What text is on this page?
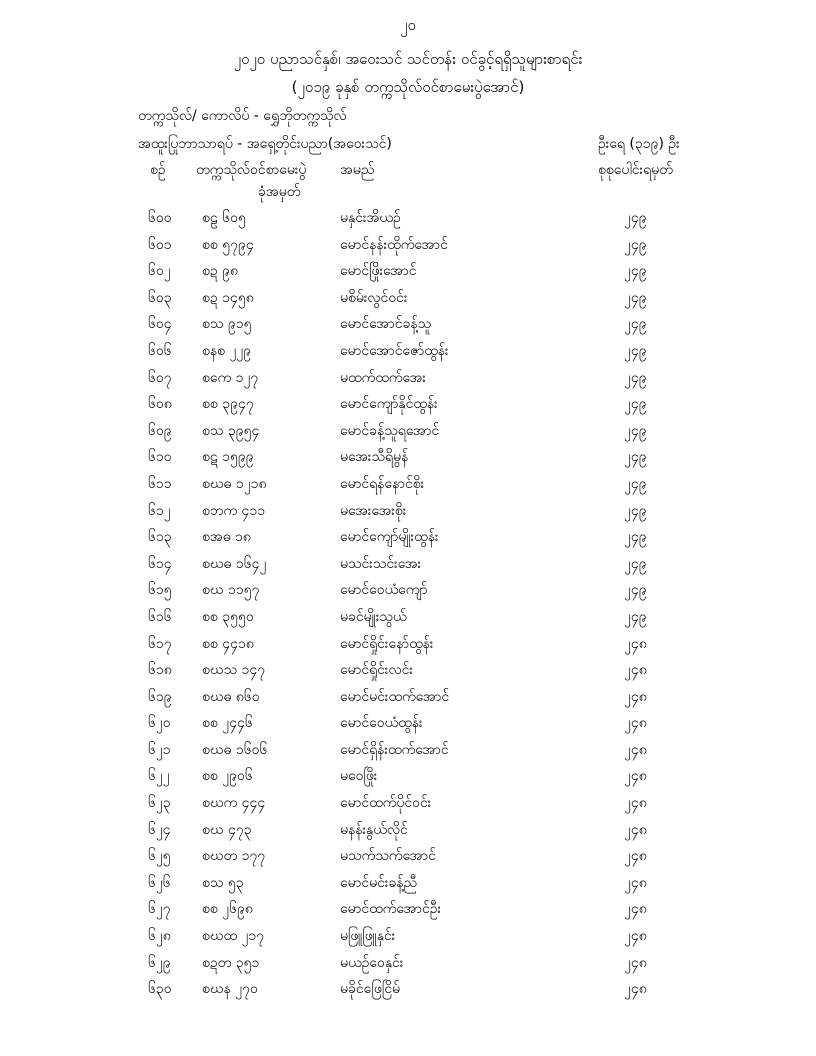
၂၀
၂၀၂၀ ပညာသင်နှစ်၊ အဝေးသင် သင်တန်း ဝင်ခွင့်ရရှိသူများစာရင်း
(၂၀၁၉ ခုနှစ် တက္ကသိုလ်ဝင်စာမေးပွဲအောင်)
တက္ကသိုလ်/ ကောလိပ် - ရွှေဘိုတက္ကသိုလ်
အထူးပြုဘာသာရပ် - အရှေ့တိုင်းပညာ(အဝေးသင်)	ဦးရေ (၃၁၉) ဦး
စဉ် တက္ကသိုလ်ဝင်စာမေးပွဲ
ခုံအမှတ်
အမည်	စုစုပေါင်းရမှတ်
၆၀၀ စဠ ၆၀၅	မနှင်းအိယဉ်	၂၄၉
၆၀၁ စစ ၅၇၉၄	မောင်နန်းထိုက်အောင်	၂၄၉
၆၀၂ စဍ ၉၈	မောင်ဖြိုးအောင်	၂၄၉
၆၀၃ စဍ ၁၄၅၈	မစိမ်းလွင်ဝင်း	၂၄၉
၆၀၄ စသ ၉၁၅	မောင်အောင်ခန့်သူ	၂၄၉
၆၀၆ စနစ ၂၂၉	မောင်အောင်ဇော်ထွန်း	၂၄၉
၆၀၇ စကေ ၁၂၇	မထက်ထက်အေး	၂၄၉
၆၀၈ စစ ၃၉၄၇	မောင်ကျော်နိုင်ထွန်း	၂၄၉
၆၀၉ စသ ၃၉၅၄	မောင်ခန့်သူရအောင်	၂၄၉
၆၁၀ စဋ ၁၅၉၉	မအေးသီရိမွန်	၂၄၉
၆၁၁ စဃဓ ၁၂၁၈	မောင်ရန်နောင်စိုး	၂၄၉
၆၁၂ စဘက ၄၁၁	မအေးအေးစိုး	၂၄၉
၆၁၃ စအဓ ၁၈	မောင်ကျော်မျိုးထွန်း	၂၄၉
၆၁၄ စဃဓ ၁၆၄၂	မသင်းသင်းအေး	၂၄၉
၆၁၅ စဃ ၁၁၅၇	မောင်ဝေယံကျော်	၂၄၉
၆၁၆ စစ ၃၅၅၀	မခင်မျိုးသွယ်	၂၄၉
၆၁၇ စစ ၄၄၁၈	မောင်ရှိုင်းနော်ထွန်း	၂၄၈
၆၁၈ စဃသ ၁၄၇	မောင်ရှိုင်းလင်း	၂၄၈
၆၁၉ စဃဓ ၈၆၀	မောင်မင်းထက်အောင်	၂၄၈
၆၂၀ စစ ၂၄၄၆	မောင်ဝေယံထွန်း	၂၄၈
၆၂၁ စဃဓ ၁၆၀၆	မောင်ရှိန်းထက်အောင်	၂၄၈
၆၂၂ စစ ၂၉၀၆	မဝေဖြိုး	၂၄၈
၆၂၃ စဃက ၄၄၄	မောင်ထက်ပိုင်ဝင်း	၂၄၈
၆၂၄ စဃ ၄၇၃	မနန်းနွယ်လိုင်	၂၄၈
၆၂၅ စဃတ ၁၇၇	မသက်သက်အောင်	၂၄၈
၆၂၆ စသ ၅၃	မောင်မင်းခန့်ညီ	၂၄၈
၆၂၇ စစ ၂၆၉၈	မောင်ထက်အောင်ဦး	၂၄၈
၆၂၈ စဃထ ၂၁၇	မဖြူဖြူနှင်း	၂၄၈
၆၂၉ စဍတ ၃၅၁	မယဉ်ဝေနှင်း	၂၄၈
၆၃၀ စဃန ၂၇၀	မခိုင်ဖြေငြိမ်	၂၄၈
